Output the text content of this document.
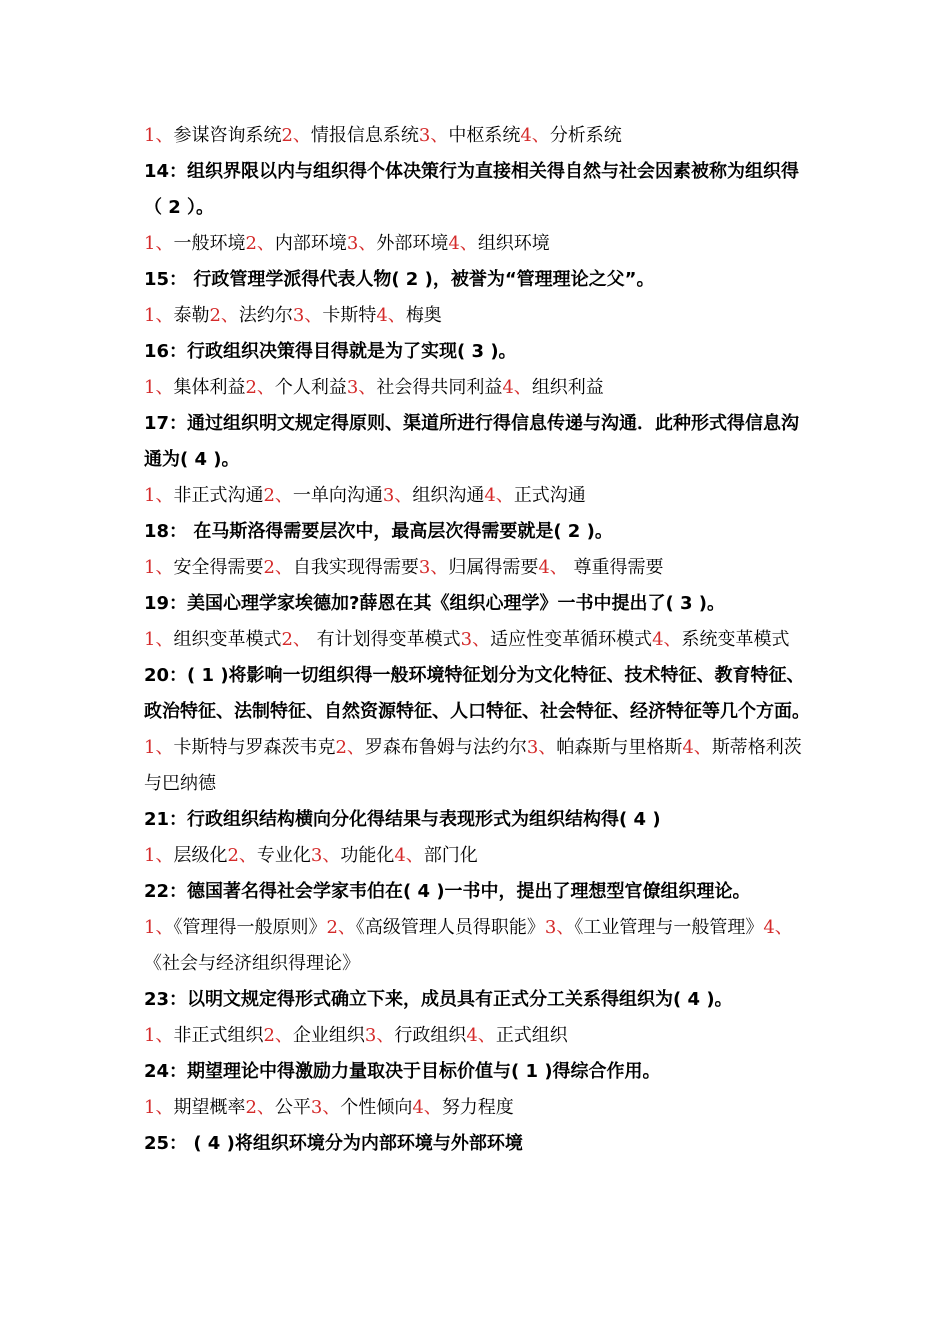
1、参谋咨询系统2、情报信息系统3、中枢系统4、分析系统

14：组织界限以内与组织得个体决策行为直接相关得自然与社会因素被称为组织得（ 2 ）。

1、一般环境2、内部环境3、外部环境4、组织环境

15： 行政管理学派得代表人物( 2 )，被誉为“管理理论之父”。

1、泰勒2、法约尔3、卡斯特4、梅奥

16：行政组织决策得目得就是为了实现( 3 )。

1、集体利益2、个人利益3、社会得共同利益4、组织利益

17：通过组织明文规定得原则、渠道所进行得信息传递与沟通．此种形式得信息沟通为( 4 )。

1、非正式沟通2、一单向沟通3、组织沟通4、正式沟通

18： 在马斯洛得需要层次中，最高层次得需要就是( 2 )。

1、安全得需要2、自我实现得需要3、归属得需要4、 尊重得需要

19：美国心理学家埃德加?薛恩在其《组织心理学》一书中提出了( 3 )。

1、组织变革模式2、 有计划得变革模式3、适应性变革循环模式4、系统变革模式

20：( 1 )将影响一切组织得一般环境特征划分为文化特征、技术特征、教育特征、政治特征、法制特征、自然资源特征、人口特征、社会特征、经济特征等几个方面。

1、卡斯特与罗森茨韦克2、罗森布鲁姆与法约尔3、帕森斯与里格斯4、斯蒂格利茨与巴纳德

21：行政组织结构横向分化得结果与表现形式为组织结构得( 4 )

1、层级化2、专业化3、功能化4、部门化

22：德国著名得社会学家韦伯在( 4 )一书中，提出了理想型官僚组织理论。

1、《管理得一般原则》2、《高级管理人员得职能》3、《工业管理与一般管理》4、《社会与经济组织得理论》

23：以明文规定得形式确立下来，成员具有正式分工关系得组织为( 4 )。

1、非正式组织2、企业组织3、行政组织4、正式组织

24：期望理论中得激励力量取决于目标价值与( 1 )得综合作用。

1、期望概率2、公平3、个性倾向4、努力程度

25： ( 4 )将组织环境分为内部环境与外部环境
